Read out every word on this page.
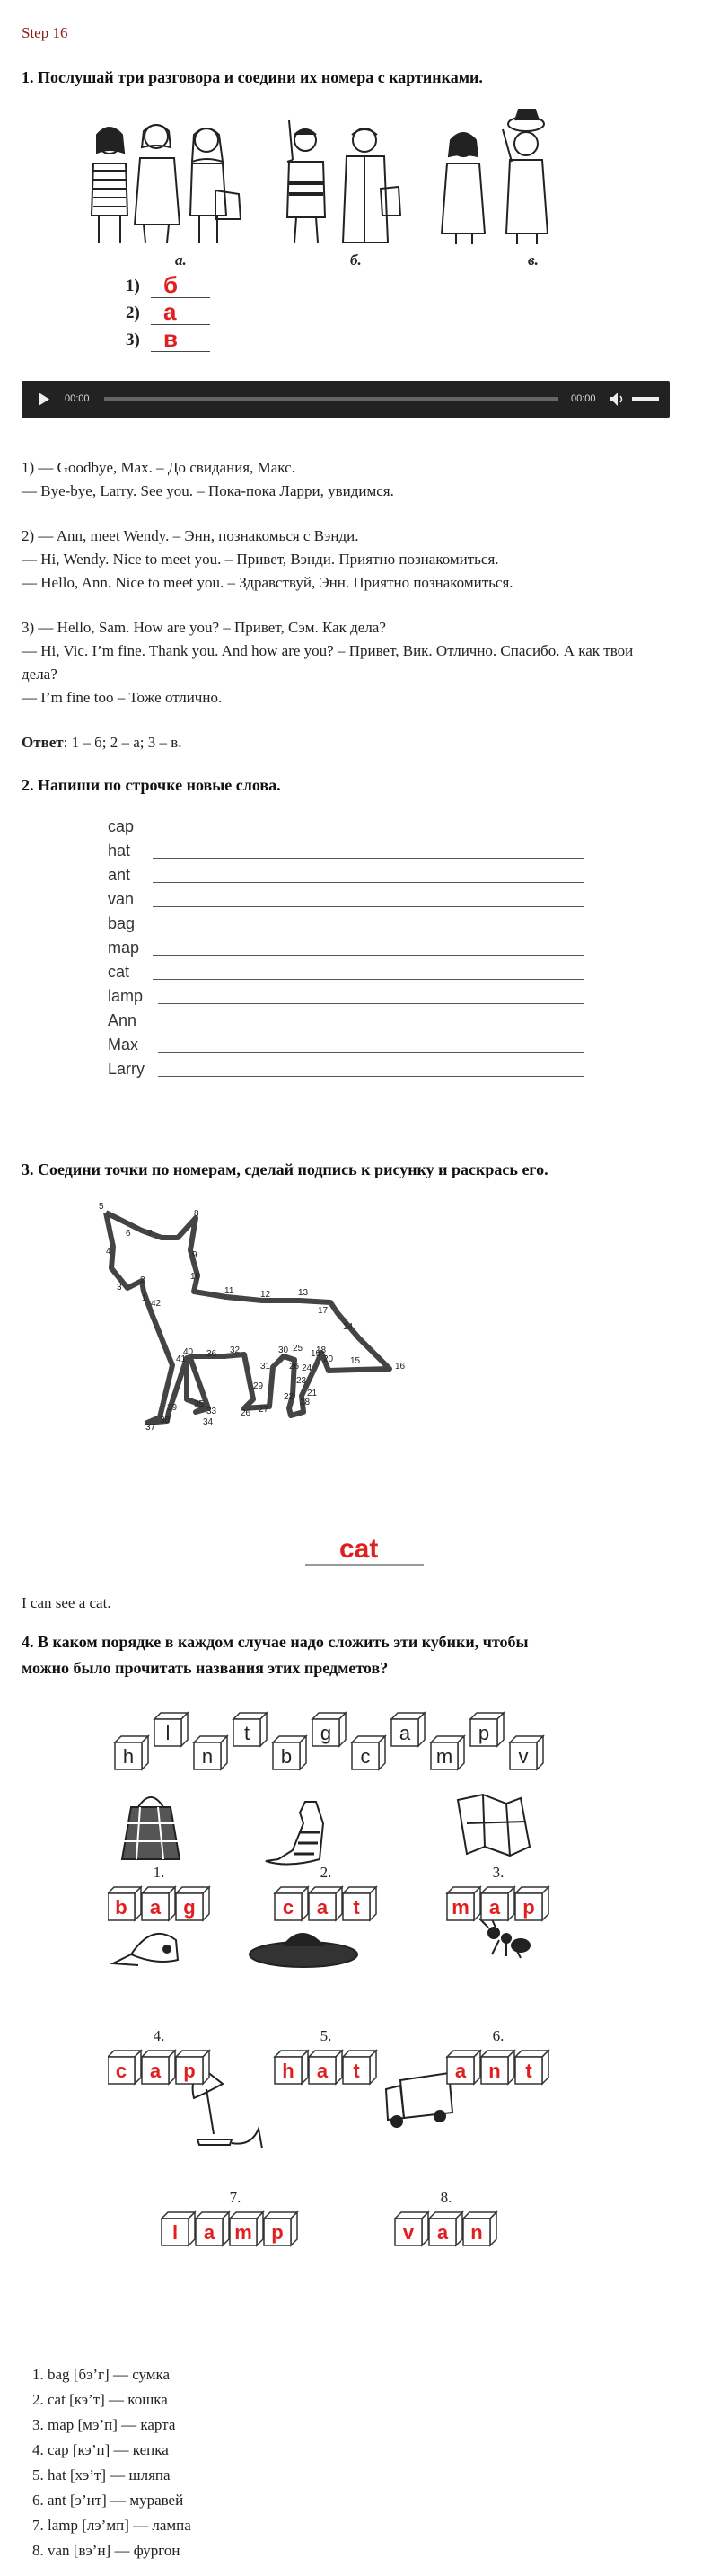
Step 16
1. Послушай три разговора и соедини их номера с картинками.
а.	б.	в.
1) б
2) а
3) в
00:00	00:00
1) — Goodbye, Max. – До свидания, Макс.
— Bye-bye, Larry. See you. – Пока-пока Ларри, увидимся.
2) — Ann, meet Wendy. – Энн, познакомься с Вэнди.
— Hi, Wendy. Nice to meet you. – Привет, Вэнди. Приятно познакомиться.
— Hello, Ann. Nice to meet you. – Здравствуй, Энн. Приятно познакомиться.
3) — Hello, Sam. How are you? – Привет, Сэм. Как дела?
— Hi, Vic. I’m fine. Thank you. And how are you? – Привет, Вик. Отлично. Спасибо. А как твои дела?
— I’m fine too – Тоже отлично.
Ответ: 1 – б; 2 – а; 3 – в.
2. Напиши по строчке новые слова.
cap
hat
ant
van
bag
map
cat
lamp
Ann
Max
Larry
3. Соедини точки по номерам, сделай подпись к рисунку и раскрась его.
5
6 7
8
4	9
10
3
2
1
42
11	12	13
41
40	32
36
14
17
15
16
30 25
20
19
31 26 24
29
23
21
22
26 27
39
38
33
35
34
37
18
28
cat
I can see a cat.
4. В каком порядке в каждом случае надо сложить эти кубики, чтобы
можно было прочитать названия этих предметов?
h
l
n
t
b
g
c
a
m
p
v
1.
b a g
2.
c a t
3.
m a p
4.
c a p
5.
h a t
6.
a n t
7.
l a m p
8.
v a n
1. bag [бэ’г] — сумка
2. cat [кэ’т] — кошка
3. map [мэ’п] — карта
4. cap [кэ’п] — кепка
5. hat [хэ’т] — шляпа
6. ant [э’нт] — муравей
7. lamp [лэ’мп] — лампа
8. van [вэ’н] — фургон
